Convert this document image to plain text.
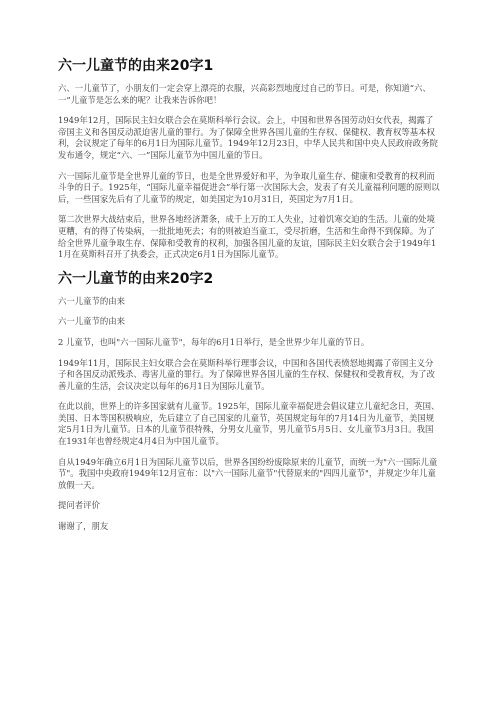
六一儿童节的由来20字1

六、一儿童节了，小朋友们一定会穿上漂亮的衣服，兴高彩烈地度过自己的节日。可是，你知道“六、一”儿童节是怎么来的呢？让我来告诉你吧！

1949年12月，国际民主妇女联合会在莫斯科举行会议。会上，中国和世界各国劳动妇女代表，揭露了帝国主义和各国反动派迫害儿童的罪行。为了保障全世界各国儿童的生存权、保健权、教育权等基本权利，会议规定了每年的6月1日为国际儿童节。1949年12月23日，中华人民共和国中央人民政府政务院发布通令，规定“六、一”国际儿童节为中国儿童的节日。

六一国际儿童节是全世界儿童的节日，也是全世界爱好和平，为争取儿童生存、健康和受教育的权利而斗争的日子。1925年，“国际儿童幸福促进会”举行第一次国际大会，发表了有关儿童福利问题的原则以后，一些国家先后有了儿童节的规定，如美国定为10月31日，英国定为7月1日。

第二次世界大战结束后，世界各地经济萧条，成千上万的工人失业，过着饥寒交迫的生活。儿童的处境更糟，有的得了传染病，一批批地死去；有的则被迫当童工，受尽折磨，生活和生命得不到保障。为了给全世界儿童争取生存、保障和受教育的权利，加强各国儿童的友谊，国际民主妇女联合会于1949年11月在莫斯科召开了执委会，正式决定6月1日为国际儿童节。

六一儿童节的由来20字2

六一儿童节的由来

六一儿童节的由来

2 儿童节，也叫"六一国际儿童节"，每年的6月1日举行，是全世界少年儿童的节日。

1949年11月，国际民主妇女联合会在莫斯科举行理事会议，中国和各国代表愤怒地揭露了帝国主义分子和各国反动派残杀、毒害儿童的罪行。为了保障世界各国儿童的生存权、保健权和受教育权，为了改善儿童的生活，会议决定以每年的6月1日为国际儿童节。

在此以前，世界上的许多国家就有儿童节。1925年，国际儿童幸福促进会倡议建立儿童纪念日，英国、美国、日本等国积极响应，先后建立了自己国家的儿童节，英国规定每年的7月14日为儿童节，美国规定5月1日为儿童节。日本的儿童节很特殊，分男女儿童节，男儿童节5月5日、女儿童节3月3日。我国在1931年也曾经规定4月4日为中国儿童节。

自从1949年确立6月1日为国际儿童节以后，世界各国纷纷废除原来的儿童节，而统一为"六一国际儿童节"。我国中央政府1949年12月宣布：以"六一国际儿童节"代替原来的"四四儿童节"，并规定少年儿童放假一天。

提问者评价

谢谢了，朋友
